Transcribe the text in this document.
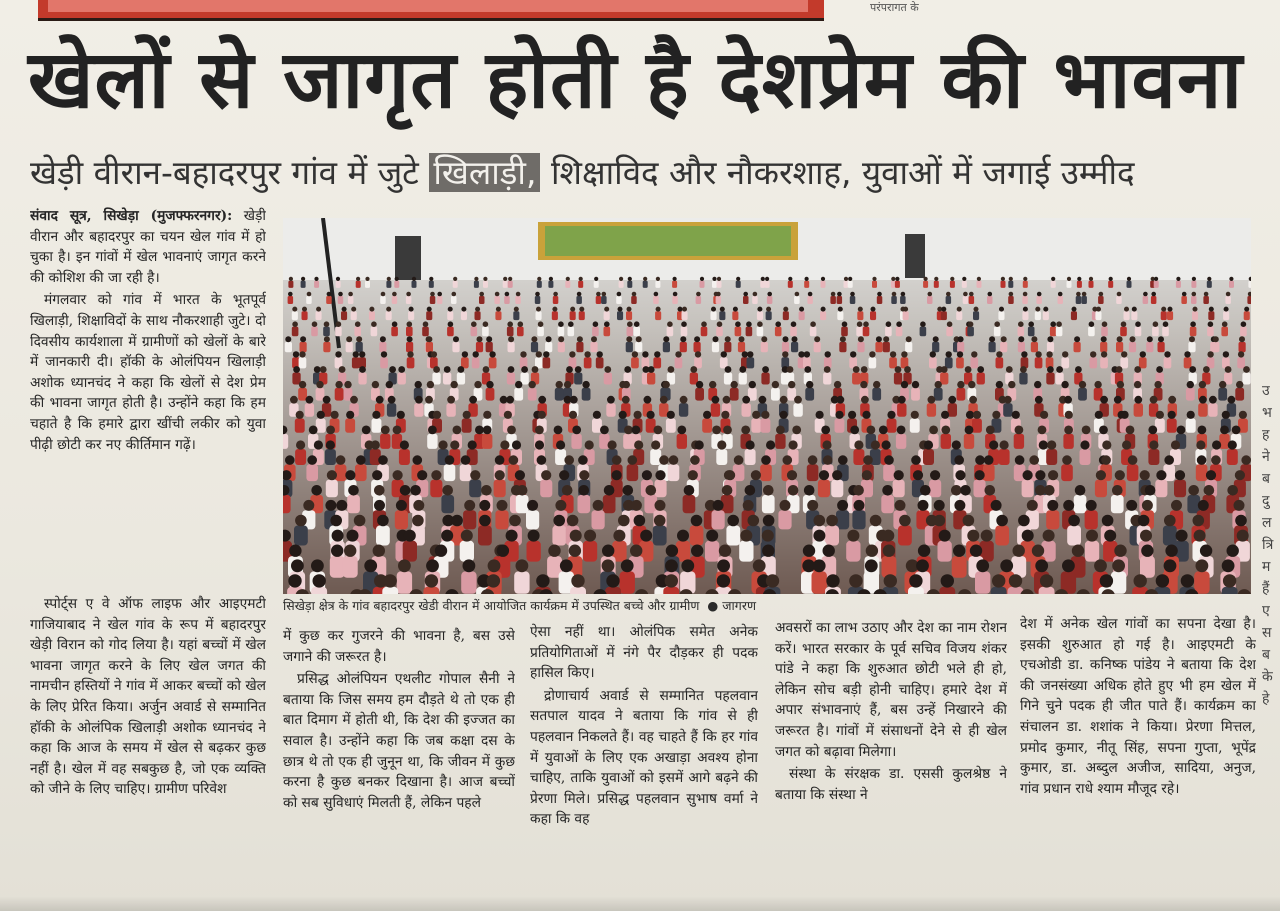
परंपरागत के
खेलों से जागृत होती है देशप्रेम की भावना
खेड़ी वीरान-बहादरपुर गांव में जुटे खिलाड़ी, शिक्षाविद और नौकरशाह, युवाओं में जगाई उम्मीद

संवाद सूत्र, सिखेड़ा (मुजफ्फरनगर): खेड़ी वीरान और बहादरपुर का चयन खेल गांव में हो चुका है। इन गांवों में खेल भावनाएं जागृत करने की कोशिश की जा रही है।

मंगलवार को गांव में भारत के भूतपूर्व खिलाड़ी, शिक्षाविदों के साथ नौकरशाही जुटे। दो दिवसीय कार्यशाला में ग्रामीणों को खेलों के बारे में जानकारी दी। हॉकी के ओलंपियन खिलाड़ी अशोक ध्यानचंद ने कहा कि खेलों से देश प्रेम की भावना जागृत होती है। उन्होंने कहा कि हम चहाते है कि हमारे द्वारा खींची लकीर को युवा पीढ़ी छोटी कर नए कीर्तिमान गढ़ें।

स्पोर्ट्स ए वे ऑफ लाइफ और आइएमटी गाजियाबाद ने खेल गांव के रूप में बहादरपुर खेड़ी विरान को गोद लिया है। यहां बच्चों में खेल भावना जागृत करने के लिए खेल जगत की नामचीन हस्तियों ने गांव में आकर बच्चों को खेल के लिए प्रेरित किया। अर्जुन अवार्ड से सम्मानित हॉकी के ओलंपिक खिलाड़ी अशोक ध्यानचंद ने कहा कि आज के समय में खेल से बढ़कर कुछ नहीं है। खेल में वह सबकुछ है, जो एक व्यक्ति को जीने के लिए चाहिए। ग्रामीण परिवेश

सिखेड़ा क्षेत्र के गांव बहादरपुर खेडी वीरान में आयोजित कार्यक्रम में उपस्थित बच्चे और ग्रामीण ● जागरण

में कुछ कर गुजरने की भावना है, बस उसे जगाने की जरूरत है।

प्रसिद्ध ओलंपियन एथलीट गोपाल सैनी ने बताया कि जिस समय हम दौड़ते थे तो एक ही बात दिमाग में होती थी, कि देश की इज्जत का सवाल है। उन्होंने कहा कि जब कक्षा दस के छात्र थे तो एक ही जुनून था, कि जीवन में कुछ करना है कुछ बनकर दिखाना है। आज बच्चों को सब सुविधाएं मिलती हैं, लेकिन पहले

ऐसा नहीं था। ओलंपिक समेत अनेक प्रतियोगिताओं में नंगे पैर दौड़कर ही पदक हासिल किए।

द्रोणाचार्य अवार्ड से सम्मानित पहलवान सतपाल यादव ने बताया कि गांव से ही पहलवान निकलते हैं। वह चाहते हैं कि हर गांव में युवाओं के लिए एक अखाड़ा अवश्य होना चाहिए, ताकि युवाओं को इसमें आगे बढ़ने की प्रेरणा मिले। प्रसिद्ध पहलवान सुभाष वर्मा ने कहा कि वह

अवसरों का लाभ उठाए और देश का नाम रोशन करें। भारत सरकार के पूर्व सचिव विजय शंकर पांडे ने कहा कि शुरुआत छोटी भले ही हो, लेकिन सोच बड़ी होनी चाहिए। हमारे देश में अपार संभावनाएं हैं, बस उन्हें निखारने की जरूरत है। गांवों में संसाधनों देने से ही खेल जगत को बढ़ावा मिलेगा।

संस्था के संरक्षक डा. एससी कुलश्रेष्ठ ने बताया कि संस्था ने

देश में अनेक खेल गांवों का सपना देखा है। इसकी शुरुआत हो गई है। आइएमटी के एचओडी डा. कनिष्क पांडेय ने बताया कि देश की जनसंख्या अधिक होते हुए भी हम खेल में गिने चुने पदक ही जीत पाते हैं। कार्यक्रम का संचालन डा. शशांक ने किया। प्रेरणा मित्तल, प्रमोद कुमार, नीतू सिंह, सपना गुप्ता, भूपेंद्र कुमार, डा. अब्दुल अजीज, सादिया, अनुज, गांव प्रधान राधे श्याम मौजूद रहे।

उ भ ह ने ब दु ल त्रि म हैं ए स ब के हे
